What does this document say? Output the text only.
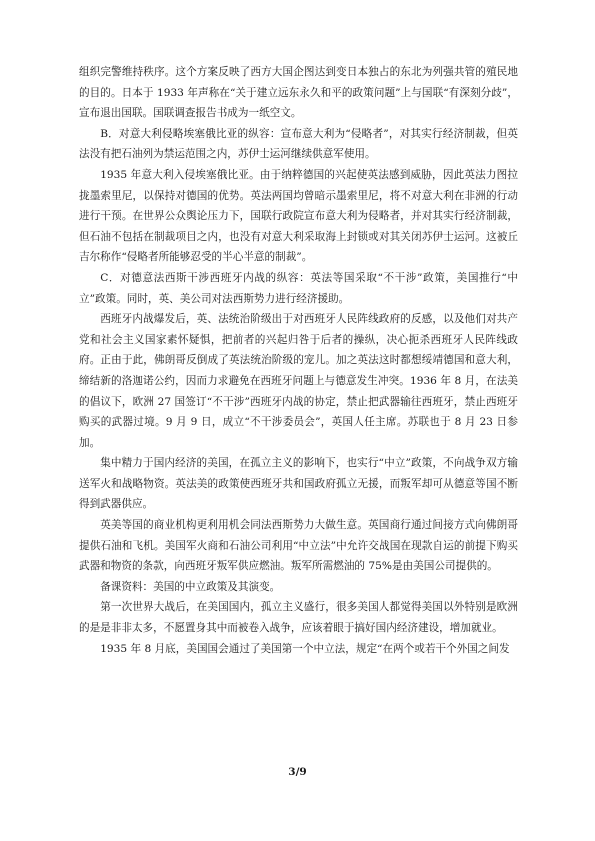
组织完警维持秩序。这个方案反映了西方大国企图达到变日本独占的东北为列强共管的殖民地的目的。日本于 1933 年声称在“关于建立远东永久和平的政策问题”上与国联“有深刻分歧”，宣布退出国联。国联调查报告书成为一纸空文。

B．对意大利侵略埃塞俄比亚的纵容：宣布意大利为“侵略者”，对其实行经济制裁，但英法没有把石油列为禁运范围之内，苏伊士运河继续供意军使用。

1935 年意大利入侵埃塞俄比亚。由于纳粹德国的兴起使英法感到威胁，因此英法力图拉拢墨索里尼，以保持对德国的优势。英法两国均曾暗示墨索里尼，将不对意大利在非洲的行动进行干预。在世界公众舆论压力下，国联行政院宣布意大利为侵略者，并对其实行经济制裁，但石油不包括在制裁项目之内，也没有对意大利采取海上封锁或对其关闭苏伊士运河。这被丘吉尔称作“侵略者所能够忍受的半心半意的制裁”。

C．对德意法西斯干涉西班牙内战的纵容：英法等国采取“不干涉”政策，美国推行“中立”政策。同时，英、美公司对法西斯势力进行经济援助。

西班牙内战爆发后，英、法统治阶级出于对西班牙人民阵线政府的反感，以及他们对共产党和社会主义国家素怀疑惧，把前者的兴起归咎于后者的操纵，决心扼杀西班牙人民阵线政府。正由于此，佛朗哥反倒成了英法统治阶级的宠儿。加之英法这时都想绥靖德国和意大利，缔结新的洛迦诺公约，因而力求避免在西班牙问题上与德意发生冲突。1936 年 8 月，在法美的倡议下，欧洲 27 国签订“不干涉”西班牙内战的协定，禁止把武器输往西班牙，禁止西班牙购买的武器过境。9 月 9 日，成立“不干涉委员会”，英国人任主席。苏联也于 8 月 23 日参加。

集中精力于国内经济的美国，在孤立主义的影响下，也实行“中立”政策，不向战争双方输送军火和战略物资。英法美的政策使西班牙共和国政府孤立无援，而叛军却可从德意等国不断得到武器供应。

英美等国的商业机构更利用机会同法西斯势力大做生意。英国商行通过间接方式向佛朗哥提供石油和飞机。美国军火商和石油公司利用“中立法”中允许交战国在现款自运的前提下购买武器和物资的条款，向西班牙叛军供应燃油。叛军所需燃油的 75%是由美国公司提供的。

备课资料：美国的中立政策及其演变。

第一次世界大战后，在美国国内，孤立主义盛行，很多美国人都觉得美国以外特别是欧洲的是是非非太多，不愿置身其中而被卷入战争，应该着眼于搞好国内经济建设，增加就业。

1935 年 8 月底，美国国会通过了美国第一个中立法，规定“在两个或若干个外国之间发

3/9
